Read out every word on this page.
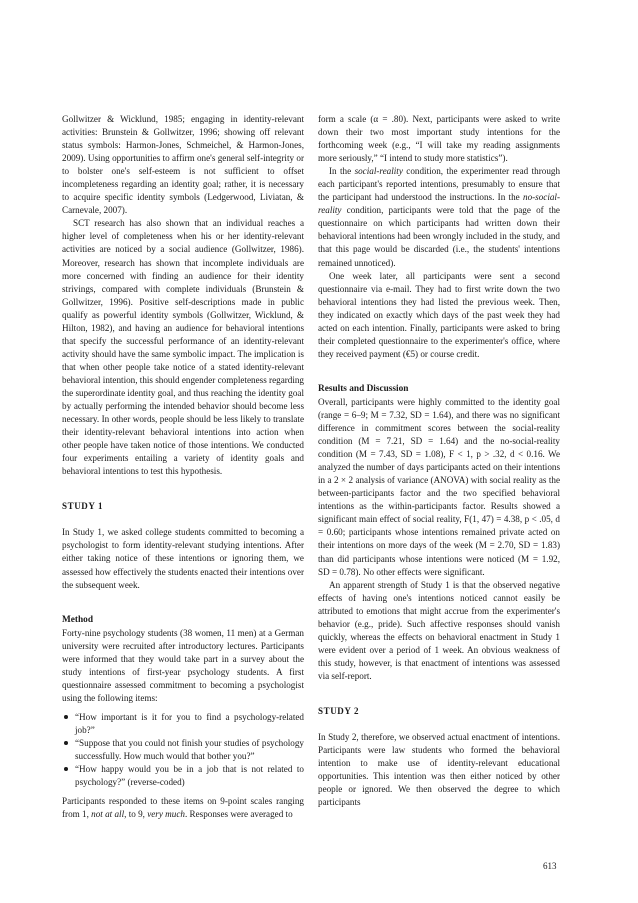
Gollwitzer & Wicklund, 1985; engaging in identity-relevant activities: Brunstein & Gollwitzer, 1996; showing off relevant status symbols: Harmon-Jones, Schmeichel, & Harmon-Jones, 2009). Using opportunities to affirm one's general self-integrity or to bolster one's self-esteem is not sufficient to offset incompleteness regarding an identity goal; rather, it is necessary to acquire specific identity symbols (Ledgerwood, Liviatan, & Carnevale, 2007).

SCT research has also shown that an individual reaches a higher level of completeness when his or her identity-relevant activities are noticed by a social audience (Gollwitzer, 1986). Moreover, research has shown that incomplete individuals are more concerned with finding an audience for their identity strivings, compared with complete individuals (Brunstein & Gollwitzer, 1996). Positive self-descriptions made in public qualify as powerful identity symbols (Gollwitzer, Wicklund, & Hilton, 1982), and having an audience for behavioral intentions that specify the successful performance of an identity-relevant activity should have the same symbolic impact. The implication is that when other people take notice of a stated identity-relevant behavioral intention, this should engender completeness regarding the superordinate identity goal, and thus reaching the identity goal by actually performing the intended behavior should become less necessary. In other words, people should be less likely to translate their identity-relevant behavioral intentions into action when other people have taken notice of those intentions. We conducted four experiments entailing a variety of identity goals and behavioral intentions to test this hypothesis.

STUDY 1

In Study 1, we asked college students committed to becoming a psychologist to form identity-relevant studying intentions. After either taking notice of these intentions or ignoring them, we assessed how effectively the students enacted their intentions over the subsequent week.

Method

Forty-nine psychology students (38 women, 11 men) at a German university were recruited after introductory lectures. Participants were informed that they would take part in a survey about the study intentions of first-year psychology students. A first questionnaire assessed commitment to becoming a psychologist using the following items:

“How important is it for you to find a psychology-related job?”
“Suppose that you could not finish your studies of psychology successfully. How much would that bother you?”
“How happy would you be in a job that is not related to psychology?” (reverse-coded)

Participants responded to these items on 9-point scales ranging from 1, not at all, to 9, very much. Responses were averaged to

form a scale (α = .80). Next, participants were asked to write down their two most important study intentions for the forthcoming week (e.g., “I will take my reading assignments more seriously,” “I intend to study more statistics”).

In the social-reality condition, the experimenter read through each participant's reported intentions, presumably to ensure that the participant had understood the instructions. In the no-social-reality condition, participants were told that the page of the questionnaire on which participants had written down their behavioral intentions had been wrongly included in the study, and that this page would be discarded (i.e., the students' intentions remained unnoticed).

One week later, all participants were sent a second questionnaire via e-mail. They had to first write down the two behavioral intentions they had listed the previous week. Then, they indicated on exactly which days of the past week they had acted on each intention. Finally, participants were asked to bring their completed questionnaire to the experimenter's office, where they received payment (€5) or course credit.

Results and Discussion

Overall, participants were highly committed to the identity goal (range = 6–9; M = 7.32, SD = 1.64), and there was no significant difference in commitment scores between the social-reality condition (M = 7.21, SD = 1.64) and the no-social-reality condition (M = 7.43, SD = 1.08), F < 1, p > .32, d < 0.16. We analyzed the number of days participants acted on their intentions in a 2 × 2 analysis of variance (ANOVA) with social reality as the between-participants factor and the two specified behavioral intentions as the within-participants factor. Results showed a significant main effect of social reality, F(1, 47) = 4.38, p < .05, d = 0.60; participants whose intentions remained private acted on their intentions on more days of the week (M = 2.70, SD = 1.83) than did participants whose intentions were noticed (M = 1.92, SD = 0.78). No other effects were significant.

An apparent strength of Study 1 is that the observed negative effects of having one's intentions noticed cannot easily be attributed to emotions that might accrue from the experimenter's behavior (e.g., pride). Such affective responses should vanish quickly, whereas the effects on behavioral enactment in Study 1 were evident over a period of 1 week. An obvious weakness of this study, however, is that enactment of intentions was assessed via self-report.

STUDY 2

In Study 2, therefore, we observed actual enactment of intentions. Participants were law students who formed the behavioral intention to make use of identity-relevant educational opportunities. This intention was then either noticed by other people or ignored. We then observed the degree to which participants

613
